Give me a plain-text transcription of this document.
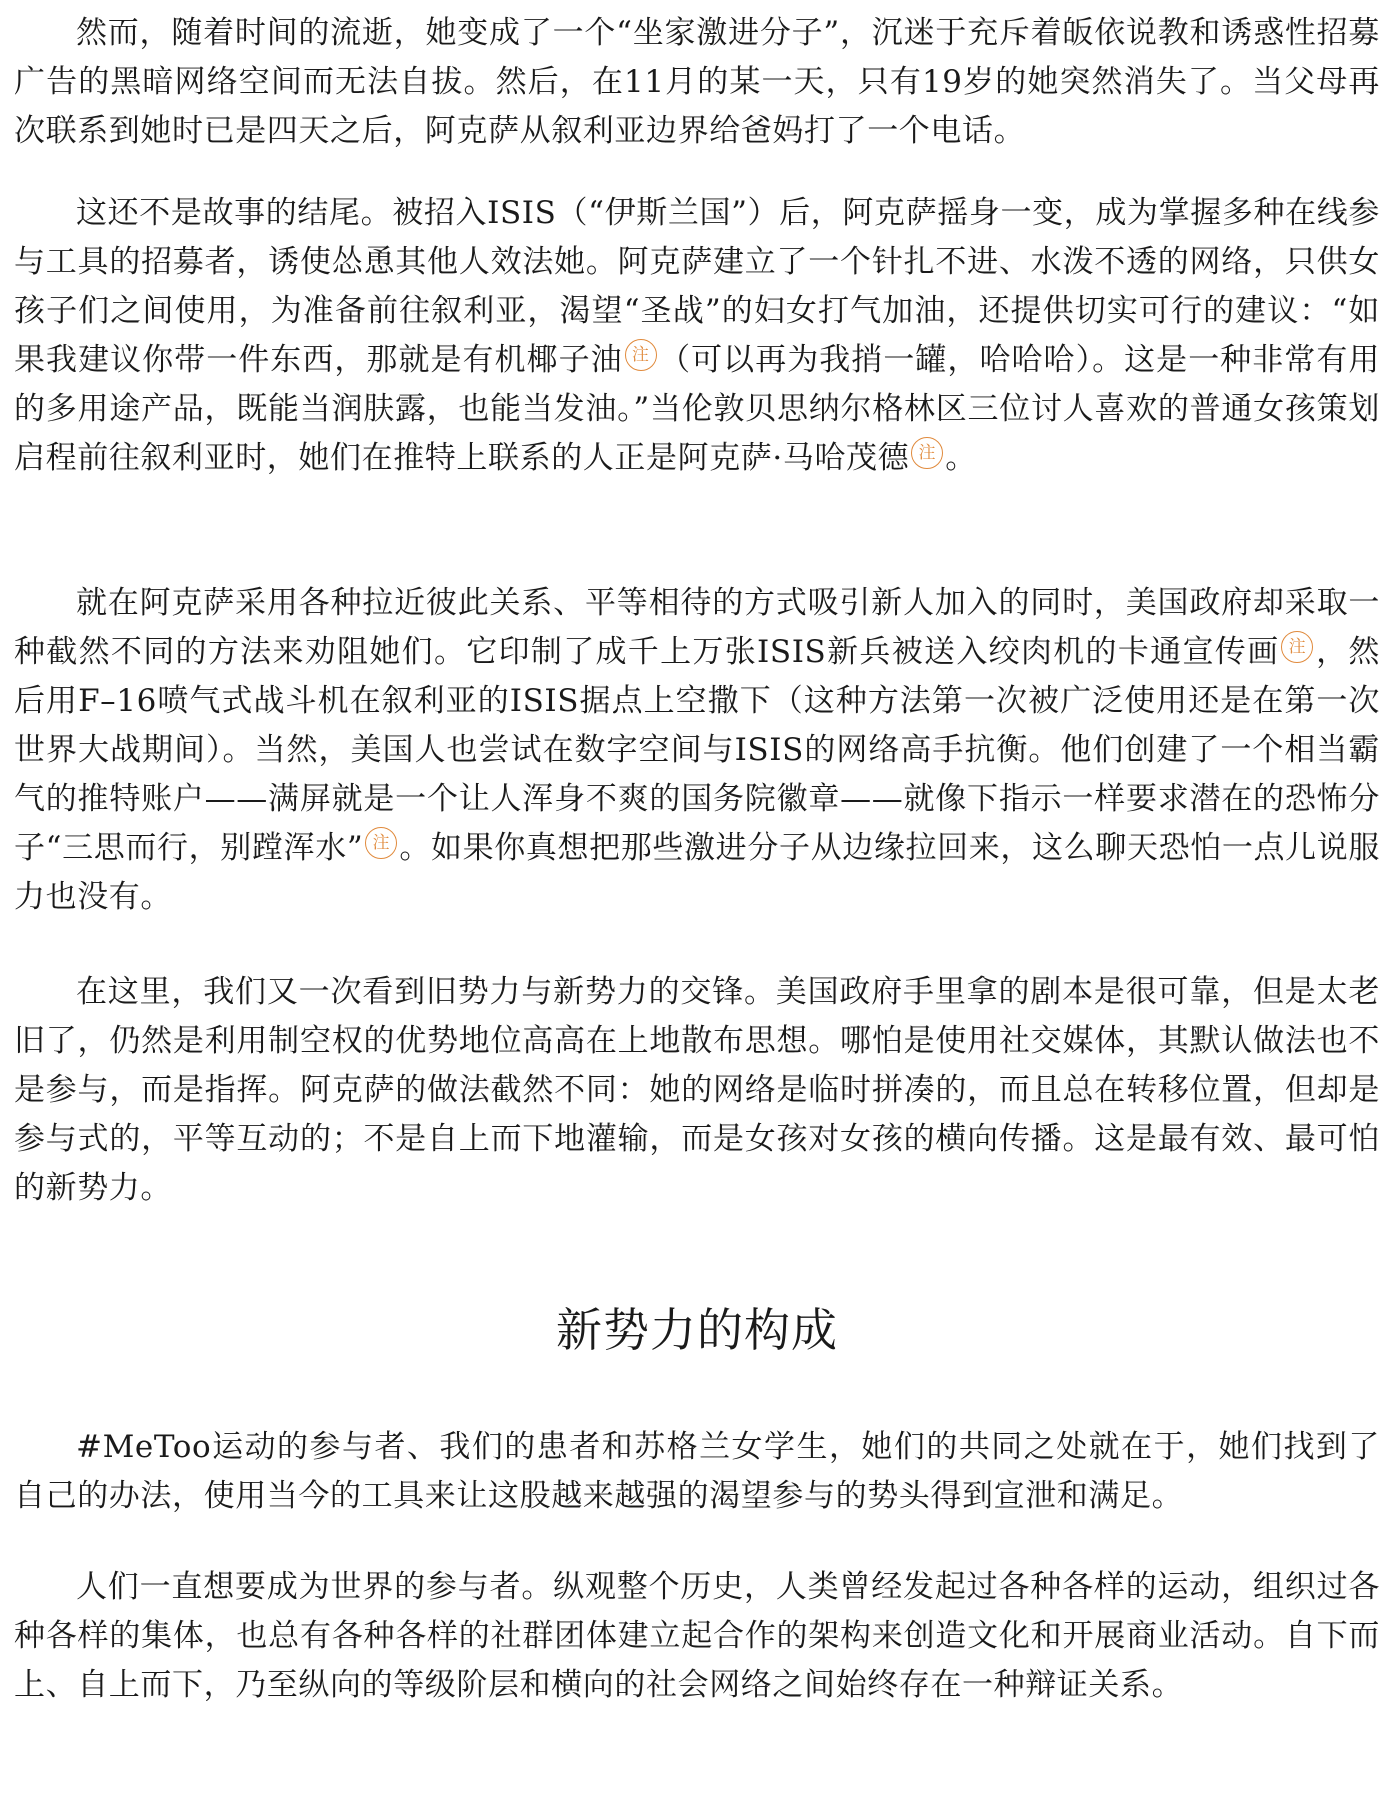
然而，随着时间的流逝，她变成了一个“坐家激进分子”，沉迷于充斥着皈依说教和诱惑性招募广告的黑暗网络空间而无法自拔。然后，在11月的某一天，只有19岁的她突然消失了。当父母再次联系到她时已是四天之后，阿克萨从叙利亚边界给爸妈打了一个电话。

这还不是故事的结尾。被招入ISIS（“伊斯兰国”）后，阿克萨摇身一变，成为掌握多种在线参与工具的招募者，诱使怂恿其他人效法她。阿克萨建立了一个针扎不进、水泼不透的网络，只供女孩子们之间使用，为准备前往叙利亚，渴望“圣战”的妇女打气加油，还提供切实可行的建议：“如果我建议你带一件东西，那就是有机椰子油 注 （可以再为我捎一罐，哈哈哈）。这是一种非常有用的多用途产品，既能当润肤露，也能当发油。”当伦敦贝思纳尔格林区三位讨人喜欢的普通女孩策划启程前往叙利亚时，她们在推特上联系的人正是阿克萨·马哈茂德 注 。

就在阿克萨采用各种拉近彼此关系、平等相待的方式吸引新人加入的同时，美国政府却采取一种截然不同的方法来劝阻她们。它印制了成千上万张ISIS新兵被送入绞肉机的卡通宣传画 注 ，然后用F–16喷气式战斗机在叙利亚的ISIS据点上空撒下（这种方法第一次被广泛使用还是在第一次世界大战期间）。当然，美国人也尝试在数字空间与ISIS的网络高手抗衡。他们创建了一个相当霸气的推特账户——满屏就是一个让人浑身不爽的国务院徽章——就像下指示一样要求潜在的恐怖分子“三思而行，别蹚浑水” 注 。如果你真想把那些激进分子从边缘拉回来，这么聊天恐怕一点儿说服力也没有。

在这里，我们又一次看到旧势力与新势力的交锋。美国政府手里拿的剧本是很可靠，但是太老旧了，仍然是利用制空权的优势地位高高在上地散布思想。哪怕是使用社交媒体，其默认做法也不是参与，而是指挥。阿克萨的做法截然不同：她的网络是临时拼凑的，而且总在转移位置，但却是参与式的，平等互动的；不是自上而下地灌输，而是女孩对女孩的横向传播。这是最有效、最可怕的新势力。

新势力的构成

#MeToo运动的参与者、我们的患者和苏格兰女学生，她们的共同之处就在于，她们找到了自己的办法，使用当今的工具来让这股越来越强的渴望参与的势头得到宣泄和满足。

人们一直想要成为世界的参与者。纵观整个历史，人类曾经发起过各种各样的运动，组织过各种各样的集体，也总有各种各样的社群团体建立起合作的架构来创造文化和开展商业活动。自下而上、自上而下，乃至纵向的等级阶层和横向的社会网络之间始终存在一种辩证关系。
